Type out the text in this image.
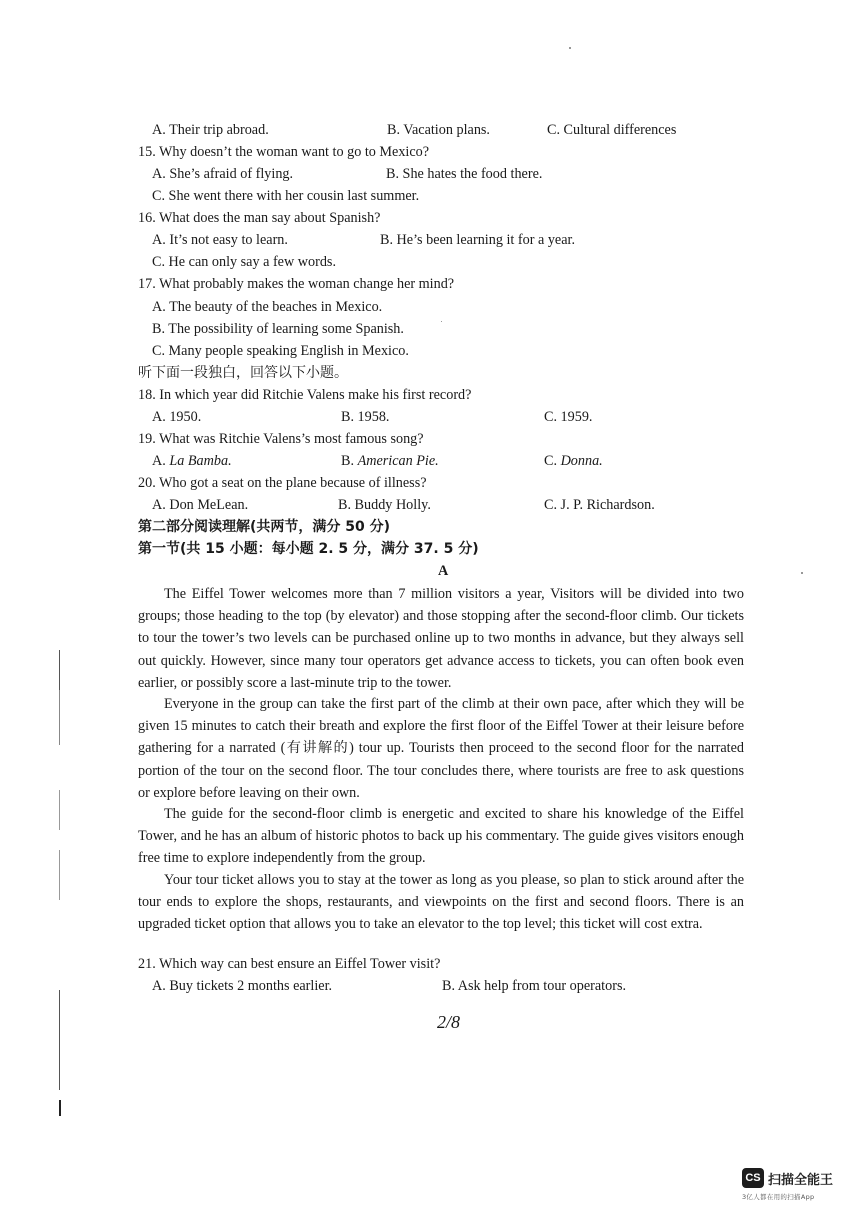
A. Their trip abroad.	B. Vacation plans.	C. Cultural differences
15. Why doesn’t the woman want to go to Mexico?
A. She’s afraid of flying.	B. She hates the food there.
C. She went there with her cousin last summer.
16. What does the man say about Spanish?
A. It’s not easy to learn.	B. He’s been learning it for a year.
C. He can only say a few words.
17. What probably makes the woman change her mind?
A. The beauty of the beaches in Mexico.
B. The possibility of learning some Spanish.
C. Many people speaking English in Mexico.
听下面一段独白，回答以下小题。
18. In which year did Ritchie Valens make his first record?
A. 1950.	B. 1958.	C. 1959.
19. What was Ritchie Valens’s most famous song?
A. La Bamba.	B. American Pie.	C. Donna.
20. Who got a seat on the plane because of illness?
A. Don MeLean.	B. Buddy Holly.	C. J. P. Richardson.
第二部分阅读理解(共两节，满分 50 分)
第一节(共 15 小题：每小题 2. 5 分，满分 37. 5 分)
A

The Eiffel Tower welcomes more than 7 million visitors a year, Visitors will be divided into two groups; those heading to the top (by elevator) and those stopping after the second-floor climb. Our tickets to tour the tower’s two levels can be purchased online up to two months in advance, but they always sell out quickly. However, since many tour operators get advance access to tickets, you can often book even earlier, or possibly score a last-minute trip to the tower.

Everyone in the group can take the first part of the climb at their own pace, after which they will be given 15 minutes to catch their breath and explore the first floor of the Eiffel Tower at their leisure before gathering for a narrated (有讲解的) tour up. Tourists then proceed to the second floor for the narrated portion of the tour on the second floor. The tour concludes there, where tourists are free to ask questions or explore before leaving on their own.

The guide for the second-floor climb is energetic and excited to share his knowledge of the Eiffel Tower, and he has an album of historic photos to back up his commentary. The guide gives visitors enough free time to explore independently from the group.

Your tour ticket allows you to stay at the tower as long as you please, so plan to stick around after the tour ends to explore the shops, restaurants, and viewpoints on the first and second floors. There is an upgraded ticket option that allows you to take an elevator to the top level; this ticket will cost extra.

21. Which way can best ensure an Eiffel Tower visit?
A. Buy tickets 2 months earlier.	B. Ask help from tour operators.
2/8
CS 扫描全能王
3亿人都在用的扫描App
